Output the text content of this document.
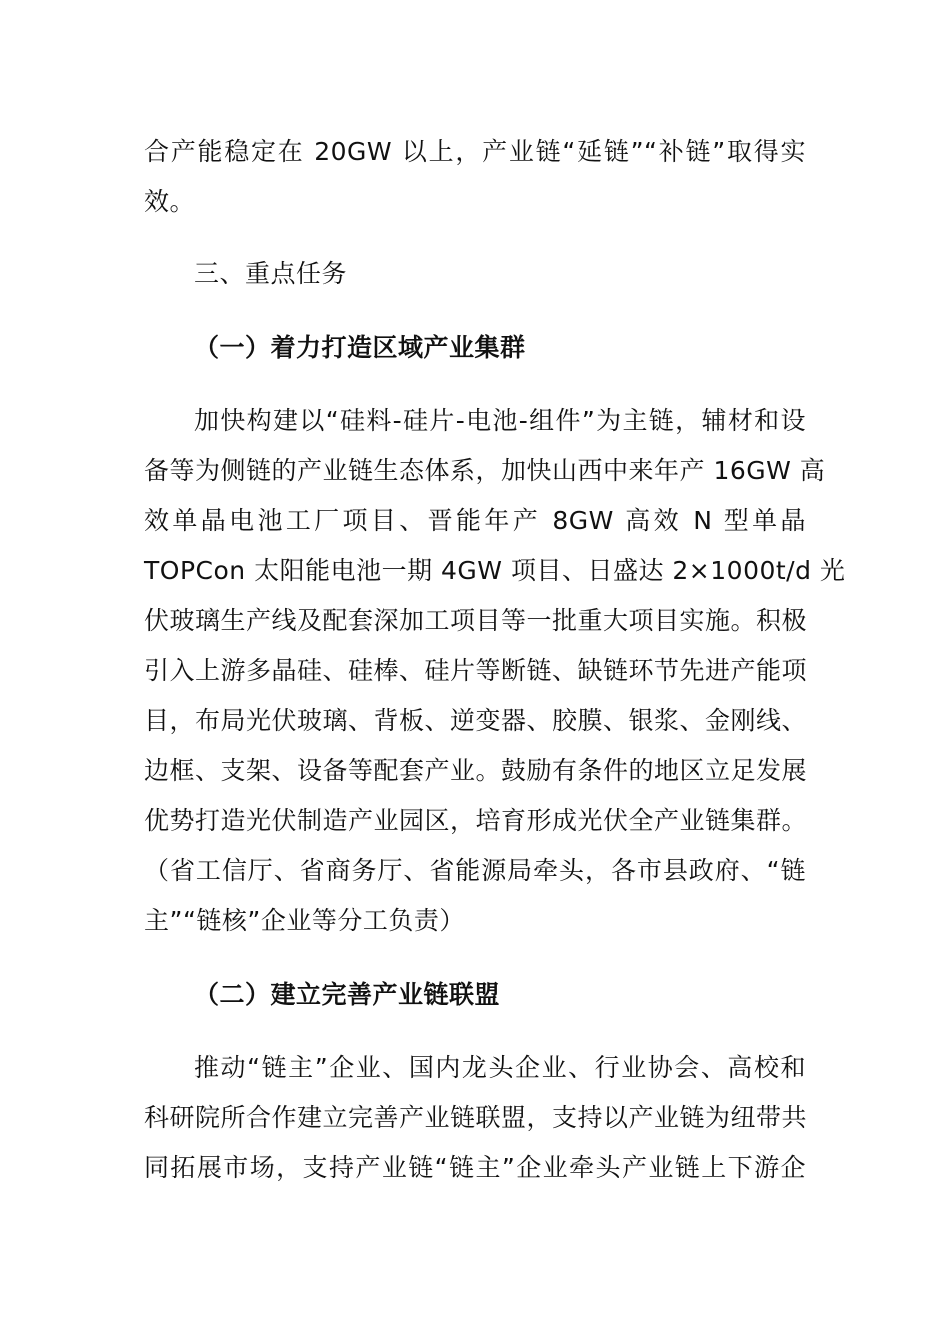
合产能稳定在 20GW 以上，产业链“延链”“补链”取得实
效。
三、重点任务
（一）着力打造区域产业集群
加快构建以“硅料-硅片-电池-组件”为主链，辅材和设
备等为侧链的产业链生态体系，加快山西中来年产 16GW 高
效单晶电池工厂项目、晋能年产 8GW 高效 N 型单晶
TOPCon 太阳能电池一期 4GW 项目、日盛达 2×1000t/d 光
伏玻璃生产线及配套深加工项目等一批重大项目实施。积极
引入上游多晶硅、硅棒、硅片等断链、缺链环节先进产能项
目，布局光伏玻璃、背板、逆变器、胶膜、银浆、金刚线、
边框、支架、设备等配套产业。鼓励有条件的地区立足发展
优势打造光伏制造产业园区，培育形成光伏全产业链集群。
（省工信厅、省商务厅、省能源局牵头，各市县政府、“链
主”“链核”企业等分工负责）
（二）建立完善产业链联盟
推动“链主”企业、国内龙头企业、行业协会、高校和
科研院所合作建立完善产业链联盟，支持以产业链为纽带共
同拓展市场，支持产业链“链主”企业牵头产业链上下游企
